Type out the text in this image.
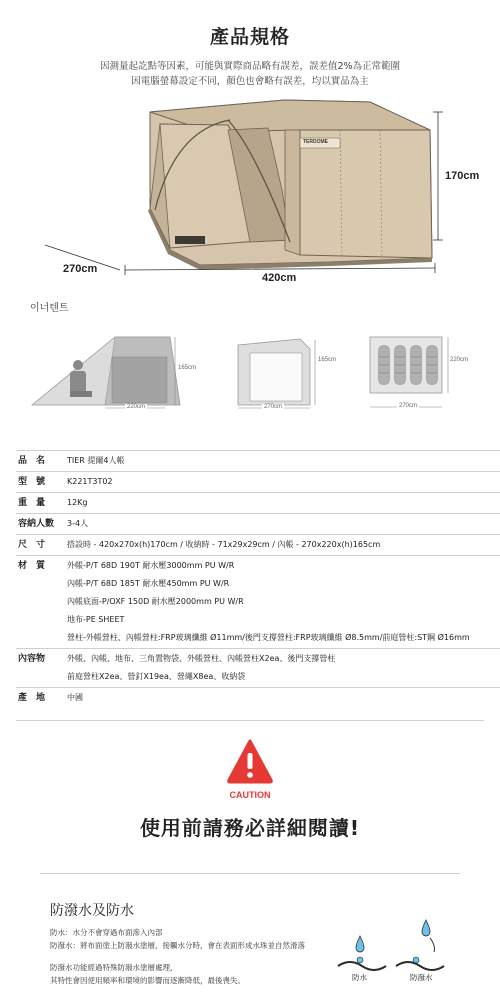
產品規格
因測量起訖點等因素，可能與實際商品略有誤差，誤差值2%為正常範圍
因電腦螢幕設定不同，顏色也會略有誤差，均以實品為主
TERDOME
170cm
270cm
420cm
이너텐트
165cm
220cm
165cm
270cm
220cm
270cm
品　名	TIER 提爾4人帳

型　號	K221T3T02

重　量	12Kg

容納人數	3-4人

尺　寸	搭設時 - 420x270x(h)170cm / 收納時 - 71x29x29cm / 內帳 - 270x220x(h)165cm

材　質	外帳-P/T 68D 190T 耐水壓3000mm PU W/R
內帳-P/T 68D 185T 耐水壓450mm PU W/R
內帳底面-P/OXF 150D 耐水壓2000mm PU W/R
地布-PE SHEET
營柱-外帳營柱、內帳營柱:FRP玻璃纖維 Ø11mm/後門支撐營柱:FRP玻璃纖維 Ø8.5mm/前庭營柱:ST鋼 Ø16mm

內容物	外帳、內帳、地布、三角置物袋、外帳營柱、內帳營柱X2ea、後門支撐營柱
前庭營柱X2ea、營釘X19ea、營繩X8ea、收納袋

產　地	中國
CAUTION
使用前請務必詳細閱讀!
防潑水及防水
防水：水分不會穿過布面滲入內部
防潑水：將布面塗上防潑水塗層，接觸水分時，會在表面形成水珠並自然滑落
防潑水功能經過特殊防潑水塗層處理，
其特性會因使用頻率和環境的影響而逐漸降低，最後喪失。	防水	防潑水
